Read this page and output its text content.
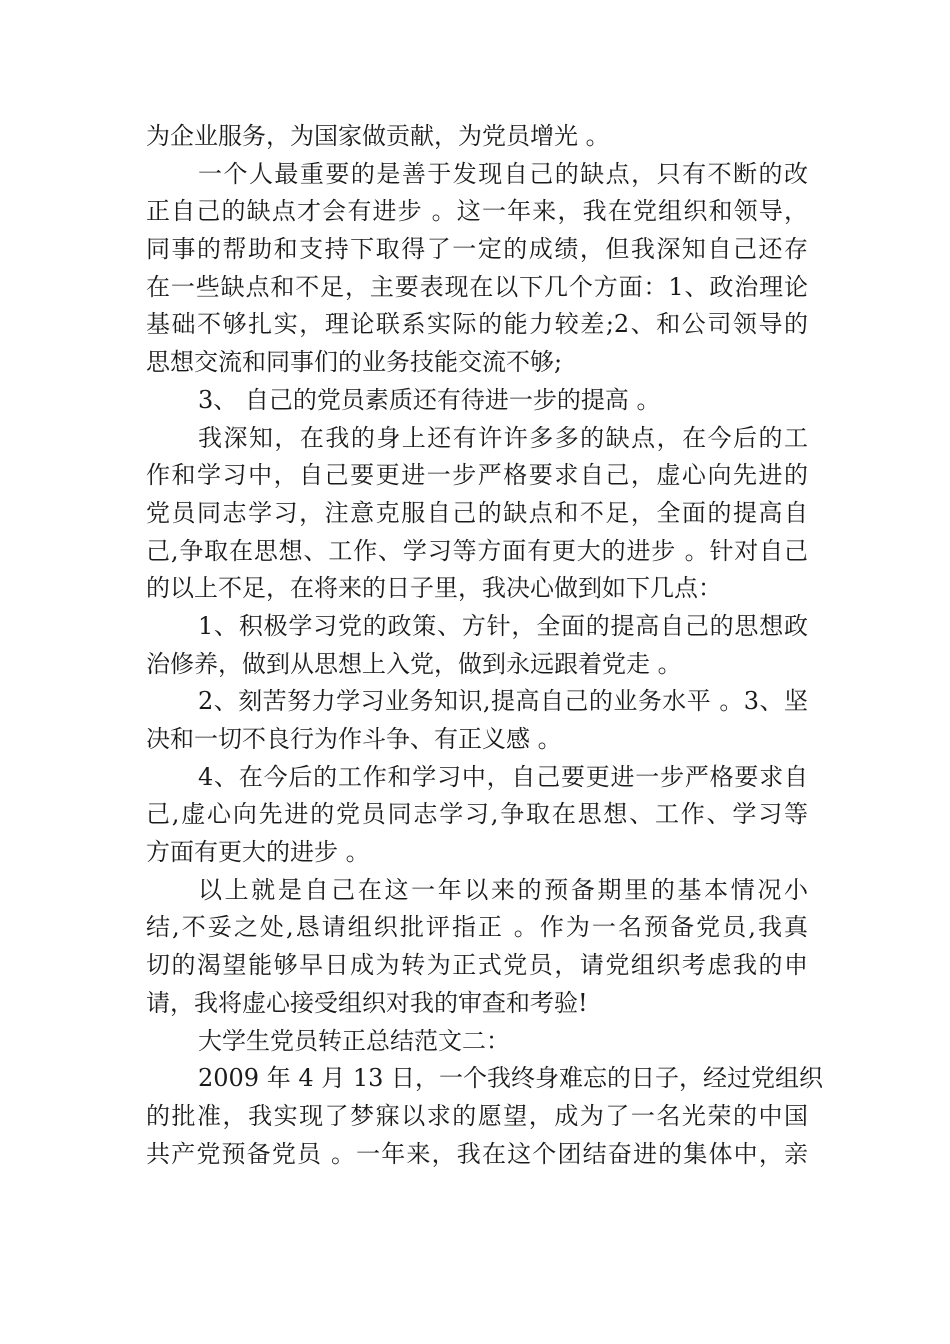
为企业服务，为国家做贡献，为党员增光 。
一个人最重要的是善于发现自己的缺点，只有不断的改
正自己的缺点才会有进步 。这一年来，我在党组织和领导，
同事的帮助和支持下取得了一定的成绩，但我深知自己还存
在一些缺点和不足，主要表现在以下几个方面：1、政治理论
基础不够扎实，理论联系实际的能力较差;2、和公司领导的
思想交流和同事们的业务技能交流不够;
3、 自己的党员素质还有待进一步的提高 。
我深知，在我的身上还有许许多多的缺点，在今后的工
作和学习中，自己要更进一步严格要求自己，虚心向先进的
党员同志学习，注意克服自己的缺点和不足，全面的提高自
己,争取在思想、工作、学习等方面有更大的进步 。针对自己
的以上不足，在将来的日子里，我决心做到如下几点：
1、积极学习党的政策、方针，全面的提高自己的思想政
治修养，做到从思想上入党，做到永远跟着党走 。
2、刻苦努力学习业务知识,提高自己的业务水平 。3、坚
决和一切不良行为作斗争、有正义感 。
4、在今后的工作和学习中，自己要更进一步严格要求自
己,虚心向先进的党员同志学习,争取在思想、工作、学习等
方面有更大的进步 。
以上就是自己在这一年以来的预备期里的基本情况小
结,不妥之处,恳请组织批评指正 。作为一名预备党员,我真
切的渴望能够早日成为转为正式党员，请党组织考虑我的申
请，我将虚心接受组织对我的审查和考验!
大学生党员转正总结范文二：
2009 年 4 月 13 日，一个我终身难忘的日子，经过党组织
的批准，我实现了梦寐以求的愿望，成为了一名光荣的中国
共产党预备党员 。一年来，我在这个团结奋进的集体中，亲
